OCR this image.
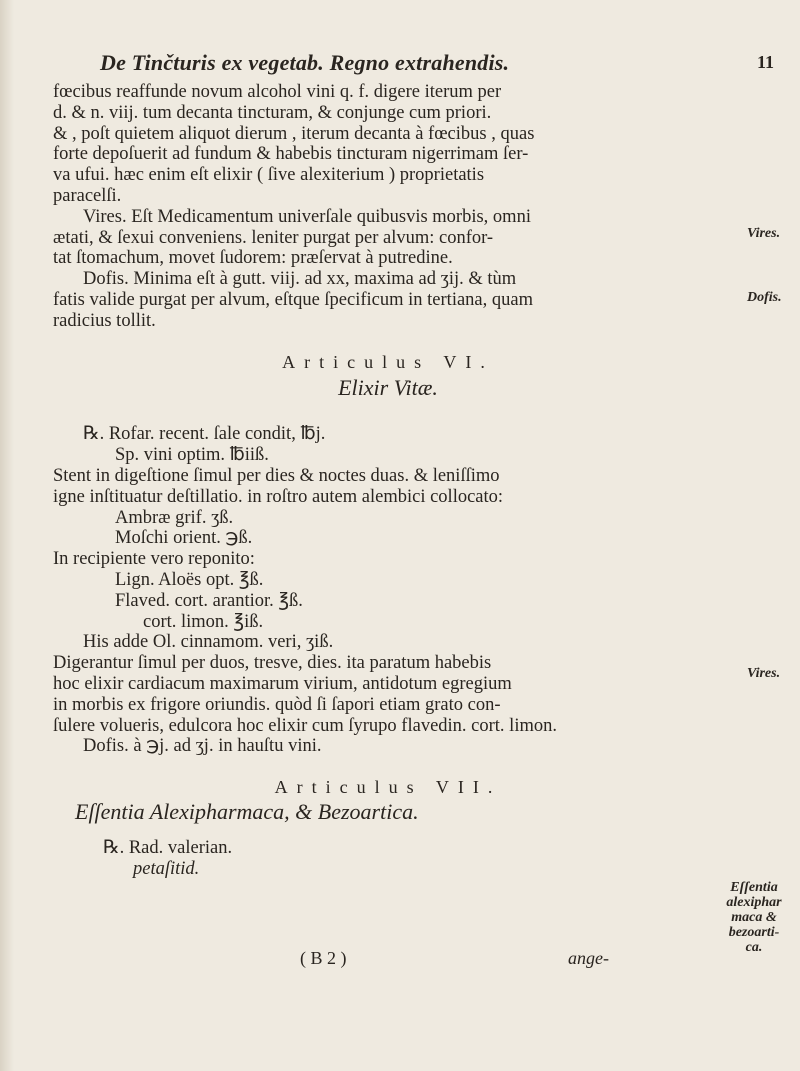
De Tinčturis ex vegetab. Regno extrahendis.	11
fœcibus reaffunde novum alcohol vini q. f. digere iterum per
d. & n. viij. tum decanta tincturam, & conjunge cum priori.
& , poſt quietem aliquot dierum , iterum decanta à fœcibus , quas
forte depoſuerit ad fundum & habebis tincturam nigerrimam ſer-
va ufui. hæc enim eſt elixir ( ſive alexiterium ) proprietatis
paracelſi.
Vires. Eſt Medicamentum univerſale quibusvis morbis, omni
ætati, & ſexui conveniens. leniter purgat per alvum: confor-
tat ſtomachum, movet ſudorem: præſervat à putredine.
Dofis. Minima eſt à gutt. viij. ad xx, maxima ad ʒij. & tùm
fatis valide purgat per alvum, eſtque ſpecificum in tertiana, quam
radicius tollit.
Articulus VI.
Elixir Vitæ.
℞. Rofar. recent. ſale condit, ℔j.
Sp. vini optim. ℔iiß.
Stent in digeſtione ſimul per dies & noctes duas. & leniſſimo
igne inſtituatur deſtillatio. in roſtro autem alembici collocato:
Ambræ grif. ʒß.
Moſchi orient. ℈ß.
In recipiente vero reponito:
Lign. Aloës opt. ℥ß.
Flaved. cort. arantior. ℥ß.
cort. limon. ℥iß.
His adde Ol. cinnamom. veri, ʒiß.
Digerantur ſimul per duos, tresve, dies. ita paratum habebis
hoc elixir cardiacum maximarum virium, antidotum egregium
in morbis ex frigore oriundis. quòd ſi ſapori etiam grato con-
ſulere volueris, edulcora hoc elixir cum ſyrupo flavedin. cort. limon.
Dofis. à ℈j. ad ʒj. in hauſtu vini.
Articulus VII.
Eſſentia Alexipharmaca, & Bezoartica.
℞. Rad. valerian.
petaſitid.
( B 2 )	ange-
Vires.
Dofis.
Vires.
Eſſentia
alexiphar
maca &
bezoarti-
ca.
